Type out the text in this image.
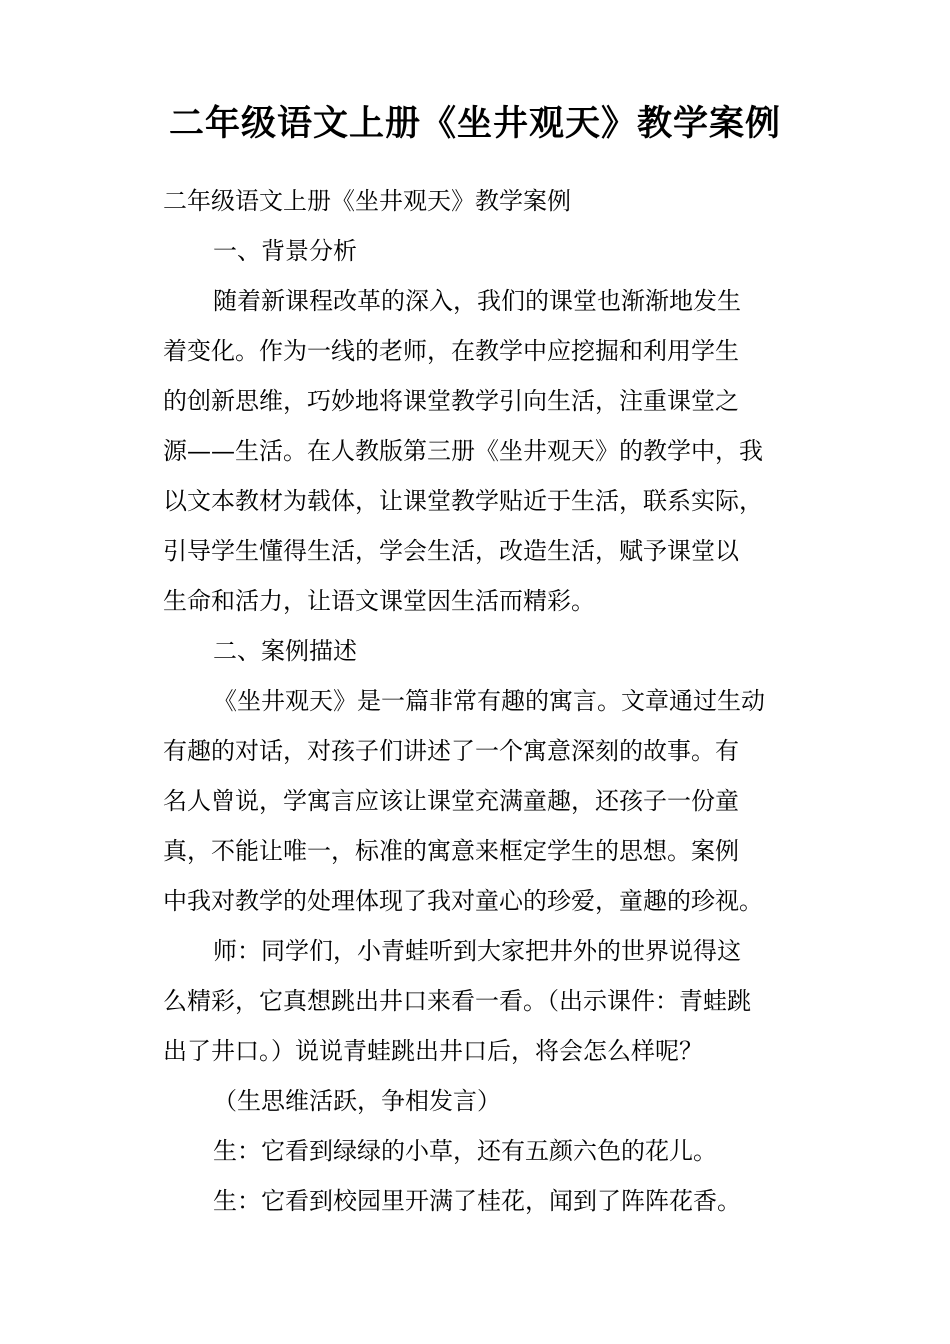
二年级语文上册《坐井观天》教学案例

二年级语文上册《坐井观天》教学案例

一、背景分析

随着新课程改革的深入，我们的课堂也渐渐地发生

着变化。作为一线的老师，在教学中应挖掘和利用学生

的创新思维，巧妙地将课堂教学引向生活，注重课堂之

源——生活。在人教版第三册《坐井观天》的教学中，我

以文本教材为载体，让课堂教学贴近于生活，联系实际，

引导学生懂得生活，学会生活，改造生活，赋予课堂以

生命和活力，让语文课堂因生活而精彩。

二、案例描述

《坐井观天》是一篇非常有趣的寓言。文章通过生动

有趣的对话，对孩子们讲述了一个寓意深刻的故事。有

名人曾说，学寓言应该让课堂充满童趣，还孩子一份童

真，不能让唯一，标准的寓意来框定学生的思想。案例

中我对教学的处理体现了我对童心的珍爱，童趣的珍视。

师：同学们，小青蛙听到大家把井外的世界说得这

么精彩，它真想跳出井口来看一看。（出示课件：青蛙跳

出了井口。）说说青蛙跳出井口后，将会怎么样呢？

（生思维活跃，争相发言）

生：它看到绿绿的小草，还有五颜六色的花儿。

生：它看到校园里开满了桂花，闻到了阵阵花香。
